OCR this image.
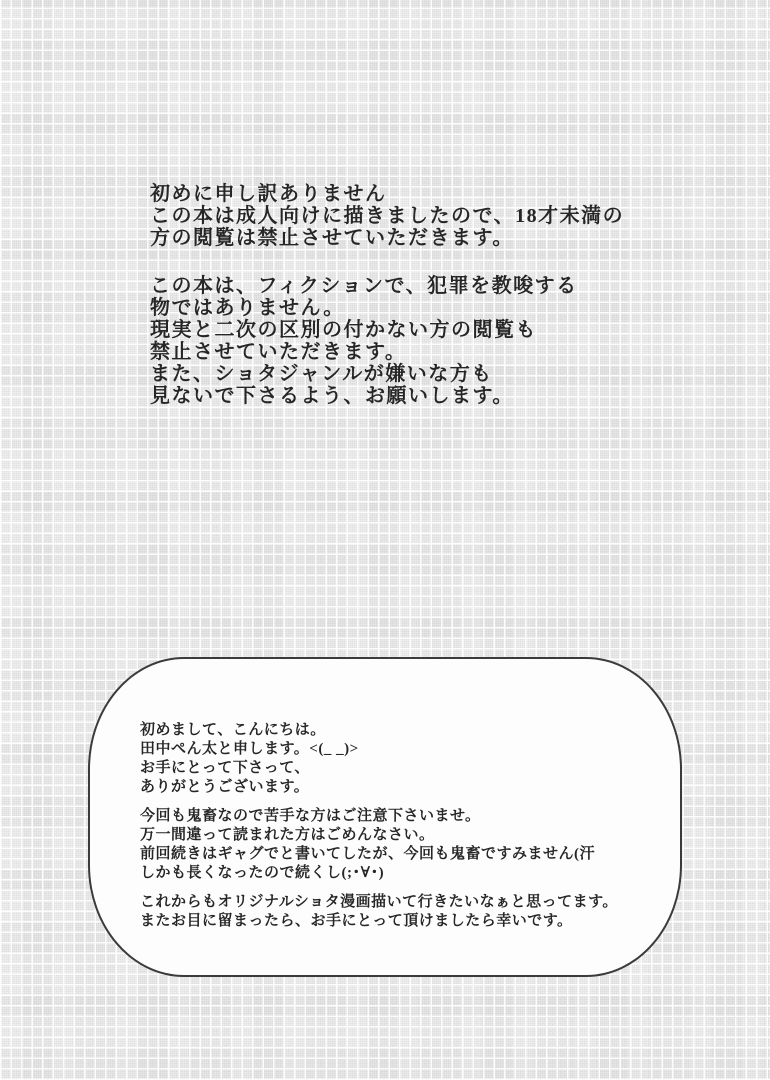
初めに申し訳ありません
この本は成人向けに描きましたので、18才未満の
方の閲覧は禁止させていただきます。
この本は、フィクションで、犯罪を教唆する
物ではありません。
現実と二次の区別の付かない方の閲覧も
禁止させていただきます。
また、ショタジャンルが嫌いな方も
見ないで下さるよう、お願いします。
初めまして、こんにちは。
田中ぺん太と申します。<(_ _)>
お手にとって下さって、
ありがとうございます。
今回も鬼畜なので苦手な方はご注意下さいませ。
万一間違って読まれた方はごめんなさい。
前回続きはギャグでと書いてしたが、今回も鬼畜ですみません(汗
しかも長くなったので続くし(;･∀･)
これからもオリジナルショタ漫画描いて行きたいなぁと思ってます。
またお目に留まったら、お手にとって頂けましたら幸いです。
